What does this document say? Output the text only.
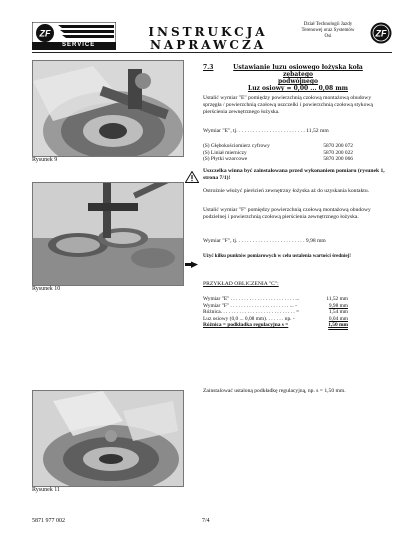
ZF
SERVICE
INSTRUKCJA
NAPRAWCZA
Dział Technologii Jazdy
Terenowej oraz Systemów
Osi	ZF
Rysunek 9
Rysunek 10
Rysunek 11
7.3	Ustawianie luzu osiowego łożyska koła zębatego
podwójnego
Luz osiowy = 0,00 ... 0,08 mm
Ustalić wymiar "E" pomiędzy powierzchnią czołową montażową obudowy sprzęgła / powierzchnią czołową uszczelki i powierzchnią czołową stykową pierścienia zewnętrznego łożyska.
Wymiar "E", tj. . . . . . . . . . . . . . . . . . . . . . . . . 11,52 mm
(S) Głębokościomierz cyfrowy	5870 200 072
(S) Liniał mierniczy	5870 200 022
(S) Płytki wzorcowe	5870 200 066
Uszczelka winna być zainstalowana przed wykonaniem pomiaru (rysunek 1, strona 7/1)!
Ostrożnie włożyć pierścień zewnętrzny łożyska aż do uzyskania kontaktu.
Ustalić wymiar "F" pomiędzy powierzchnią czołową montażową obudowy podzielnej i powierzchnią czołową pierścienia zewnętrznego łożyska.
Wymiar "F", tj. . . . . . . . . . . . . . . . . . . . . . . . . 9,98 mm
Użyć kilku punktów pomiarowych w celu ustalenia wartości średniej!
PRZYKŁAD OBLICZENIA "C":
Wymiar "E" . . . . . . . . . . . . . . . . . . . . . . . . ...	11,52 mm
Wymiar "F" . . . . . . . . . . . . . . . . . . . . . . ... -	9,98 mm
Różnica. . . . . . . . . . . . . . . . . . . . . . . . . . . . =	1,54 mm
Luz osiowy (0,0 ... 0,08 mm). . . . . . . np. -	0,04 mm
Różnica = podkładka regulacyjna s =	1,50 mm
Zainstalować ustaloną podkładkę regulacyjną, np. s = 1,50 mm.
5871 977 002	7/4
